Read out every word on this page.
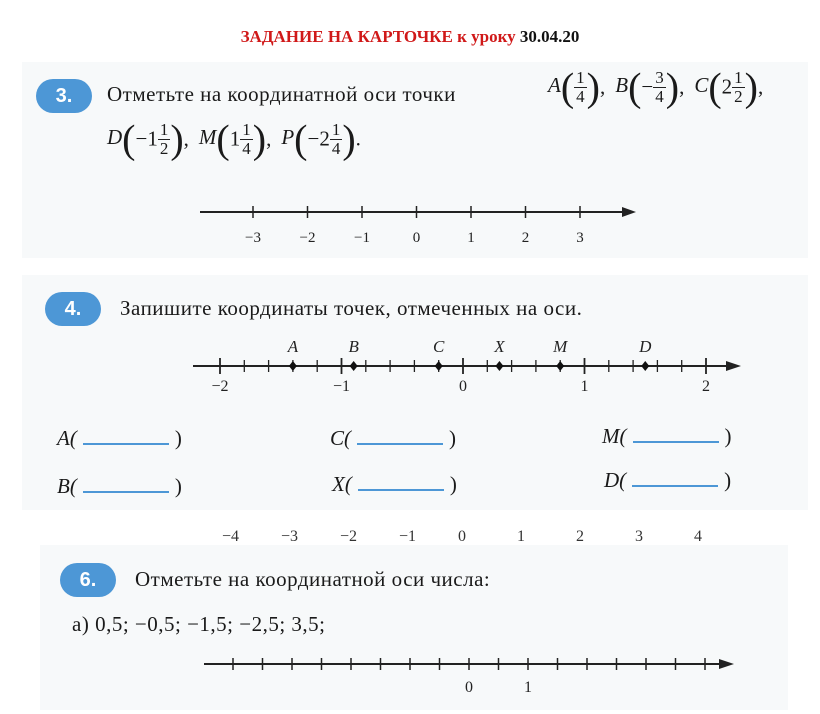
ЗАДАНИЕ НА КАРТОЧКЕ к уроку 30.04.20
3.	Отметьте на координатной оси точки	$A( \frac{1}{4}$ ), $B(- \frac{3}{4}$ ), $C(2 \frac{1}{2}$ ),
$D(-1 \frac{1}{2}$ ), $M(1 \frac{1}{4}$ ), $P(-2 \frac{1}{4}$ ).
−3	−2	−1	0	1	2	3
4.	Запишите координаты точек, отмеченных на оси.
−2	−1	0	1	2
A	B	C	X	M	D
A(	)	C(	)	M(	)
B(	)	X(	)	D(	)
−4	−3	−2	−1	0	1	2	3	4
6.	Отметьте на координатной оси числа:
а) 0,5; −0,5; −1,5; −2,5; 3,5;
0	1
